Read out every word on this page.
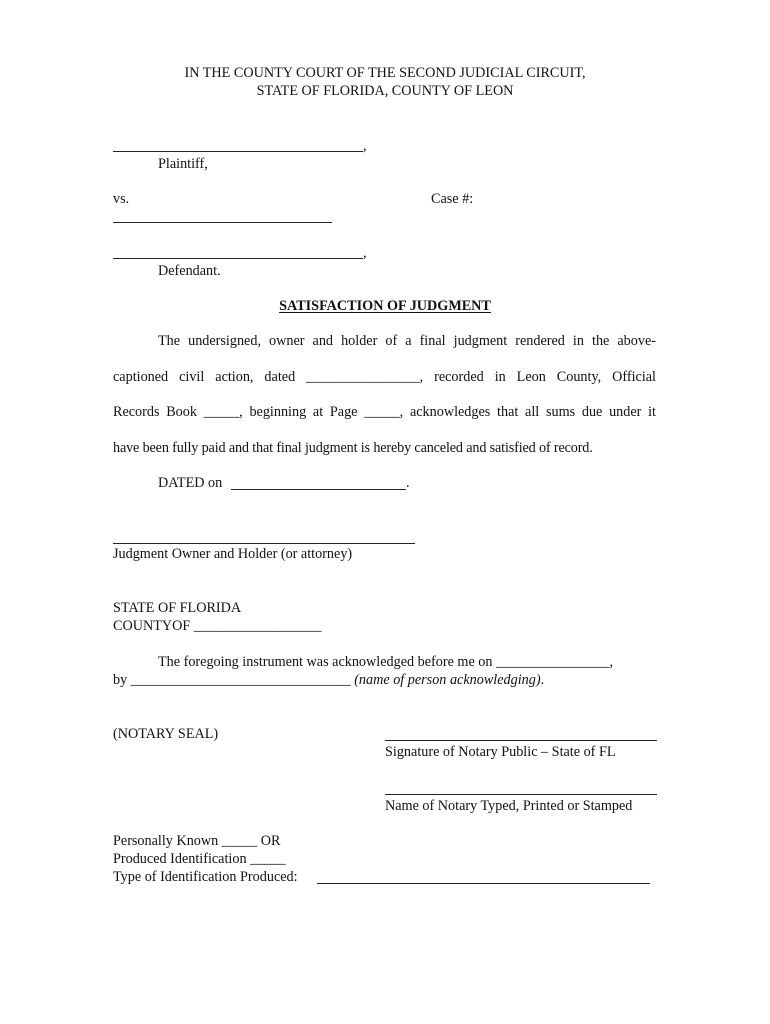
IN THE COUNTY COURT OF THE SECOND JUDICIAL CIRCUIT,
STATE OF FLORIDA, COUNTY OF LEON
,
Plaintiff,
vs.	Case #:
,
Defendant.
SATISFACTION OF JUDGMENT
The undersigned, owner and holder of a final judgment rendered in the above-
captioned civil action, dated ________________, recorded in Leon County, Official
Records Book _____, beginning at Page _____, acknowledges that all sums due under it
have been fully paid and that final judgment is hereby canceled and satisfied of record.
DATED on	.
Judgment Owner and Holder (or attorney)
STATE OF FLORIDA
COUNTYOF __________________
The foregoing instrument was acknowledged before me on ________________,
by _______________________________ (name of person acknowledging).
(NOTARY SEAL)
Signature of Notary Public – State of FL
Name of Notary Typed, Printed or Stamped
Personally Known _____ OR
Produced Identification _____
Type of Identification Produced:
